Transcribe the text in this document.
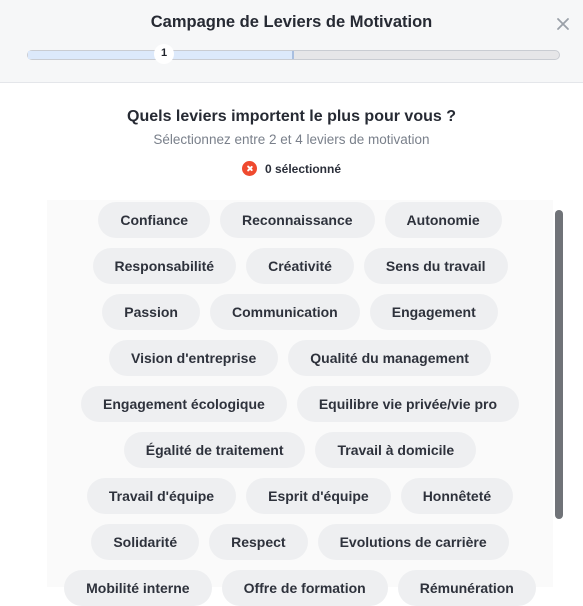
Campagne de Leviers de Motivation
1
Quels leviers importent le plus pour vous ?
Sélectionnez entre 2 et 4 leviers de motivation
0 sélectionné
Confiance	Reconnaissance	Autonomie
Responsabilité	Créativité	Sens du travail
Passion	Communication	Engagement
Vision d'entreprise	Qualité du management
Engagement écologique	Equilibre vie privée/vie pro
Égalité de traitement	Travail à domicile
Travail d'équipe	Esprit d'équipe	Honnêteté
Solidarité	Respect	Evolutions de carrière
Mobilité interne	Offre de formation	Rémunération
